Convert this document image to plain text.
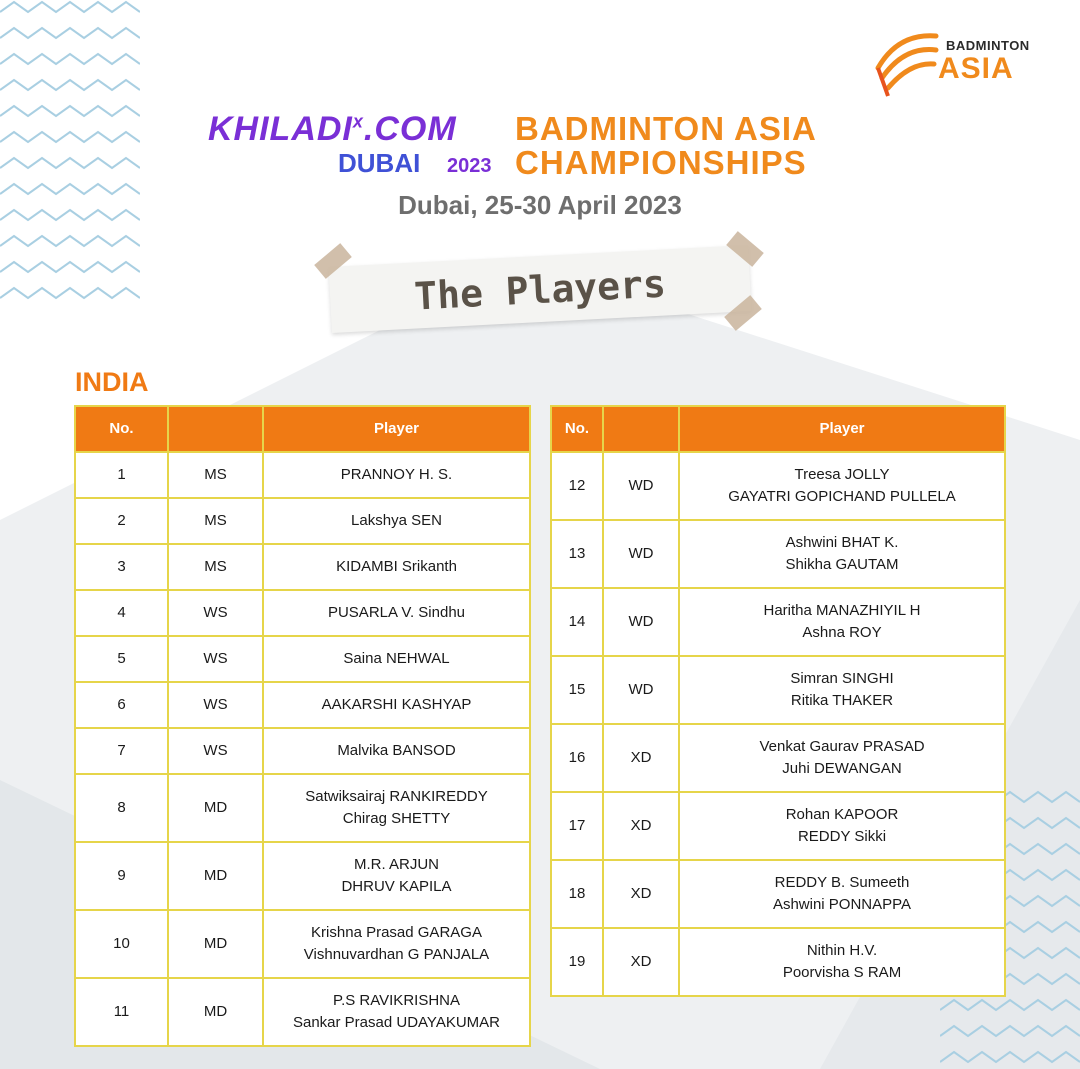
BADMINTON
ASIA
KHILADI$^x$.COM
DUBAI 2023
BADMINTON ASIA
CHAMPIONSHIPS
Dubai, 25-30 April 2023
The Players
INDIA
No.		Player
1	MS	PRANNOY H. S.

2	MS	Lakshya SEN

3	MS	KIDAMBI Srikanth

4	WS	PUSARLA V. Sindhu

5	WS	Saina NEHWAL

6	WS	AAKARSHI KASHYAP

7	WS	Malvika BANSOD

8	MD	Satwiksairaj RANKIREDDY
Chirag SHETTY

9	MD	M.R. ARJUN
DHRUV KAPILA

10	MD	Krishna Prasad GARAGA
Vishnuvardhan G PANJALA

11	MD	P.S RAVIKRISHNA
Sankar Prasad UDAYAKUMAR
No.		Player
12	WD	Treesa JOLLY
GAYATRI GOPICHAND PULLELA

13	WD	Ashwini BHAT K.
Shikha GAUTAM

14	WD	Haritha MANAZHIYIL H
Ashna ROY

15	WD	Simran SINGHI
Ritika THAKER

16	XD	Venkat Gaurav PRASAD
Juhi DEWANGAN

17	XD	Rohan KAPOOR
REDDY Sikki

18	XD	REDDY B. Sumeeth
Ashwini PONNAPPA

19	XD	Nithin H.V.
Poorvisha S RAM
